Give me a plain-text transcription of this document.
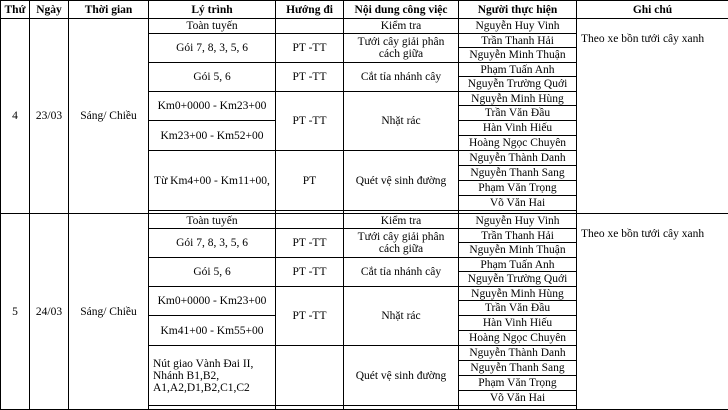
Thứ	Ngày	Thời gian	Lý trình	Hướng đi	Nội dung công việc	Người thực hiện	Ghi chú
4	23/03	Sáng/ Chiều	Toàn tuyến		Kiểm tra	Nguyễn Huy Vinh	Theo xe bồn tưới cây xanh
			Gói 7, 8, 3, 5, 6	PT -TT	Tưới cây giải phân cách giữa	Trần Thanh Hải	
						Nguyễn Minh Thuận	
			Gói 5, 6	PT -TT	Cắt tỉa nhánh cây	Phạm Tuấn Anh	
						Nguyễn Trường Quới	
			Km0+0000 - Km23+00	PT -TT	Nhặt rác	Nguyễn Minh Hùng	
						Trần Văn Đầu	
			Km23+00 - Km52+00			Hàn Vinh Hiếu	
						Hoàng Ngọc Chuyên	
			Từ Km4+00 - Km11+00,	PT	Quét vệ sinh đường	Nguyễn Thành Danh	
						Nguyễn Thanh Sang	
						Phạm Văn Trọng	
						Võ Văn Hai	

5	24/03	Sáng/ Chiều	Toàn tuyến		Kiểm tra	Nguyễn Huy Vinh	Theo xe bồn tưới cây xanh
			Gói 7, 8, 3, 5, 6	PT -TT	Tưới cây giải phân cách giữa	Trần Thanh Hải	
						Nguyễn Minh Thuận	
			Gói 5, 6	PT -TT	Cắt tỉa nhánh cây	Phạm Tuấn Anh	
						Nguyễn Trường Quới	
			Km0+0000 - Km23+00	PT -TT	Nhặt rác	Nguyễn Minh Hùng	
						Trần Văn Đầu	
			Km41+00 - Km55+00			Hàn Vinh Hiếu	
						Hoàng Ngọc Chuyên	
			Nút giao Vành Đai II, Nhánh B1,B2, A1,A2,D1,B2,C1,C2		Quét vệ sinh đường	Nguyễn Thành Danh	
						Nguyễn Thanh Sang	
						Phạm Văn Trọng	
						Võ Văn Hai	
